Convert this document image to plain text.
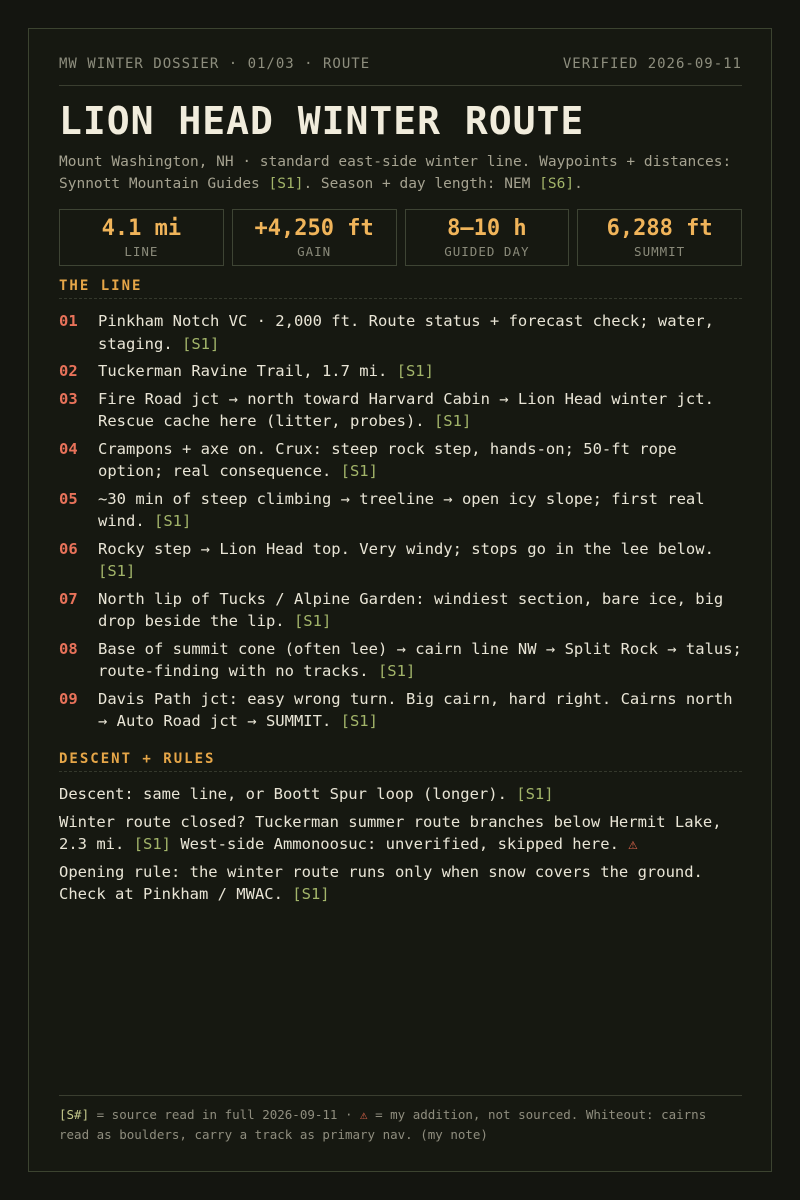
MW WINTER DOSSIER · 01/03 · ROUTE	VERIFIED 2026-09-11
LION HEAD WINTER ROUTE

Mount Washington, NH · standard east-side winter line. Waypoints + distances: Synnott Mountain Guides [S1]. Season + day length: NEM [S6].

4.1 mi
LINE
+4,250 ft
GAIN
8–10 h
GUIDED DAY
6,288 ft
SUMMIT
THE LINE
01	Pinkham Notch VC · 2,000 ft. Route status + forecast check; water, staging. [S1]
02	Tuckerman Ravine Trail, 1.7 mi. [S1]
03	Fire Road jct → north toward Harvard Cabin → Lion Head winter jct. Rescue cache here (litter, probes). [S1]
04	Crampons + axe on. Crux: steep rock step, hands-on; 50-ft rope option; real consequence. [S1]
05	~30 min of steep climbing → treeline → open icy slope; first real wind. [S1]
06	Rocky step → Lion Head top. Very windy; stops go in the lee below. [S1]
07	North lip of Tucks / Alpine Garden: windiest section, bare ice, big drop beside the lip. [S1]
08	Base of summit cone (often lee) → cairn line NW → Split Rock → talus; route-finding with no tracks. [S1]
09	Davis Path jct: easy wrong turn. Big cairn, hard right. Cairns north → Auto Road jct → SUMMIT. [S1]
DESCENT + RULES

Descent: same line, or Boott Spur loop (longer). [S1]

Winter route closed? Tuckerman summer route branches below Hermit Lake, 2.3 mi. [S1] West-side Ammonoosuc: unverified, skipped here. ⚠

Opening rule: the winter route runs only when snow covers the ground. Check at Pinkham / MWAC. [S1]

[S#] = source read in full 2026-09-11 · ⚠ = my addition, not sourced. Whiteout: cairns read as boulders, carry a track as primary nav. (my note)
